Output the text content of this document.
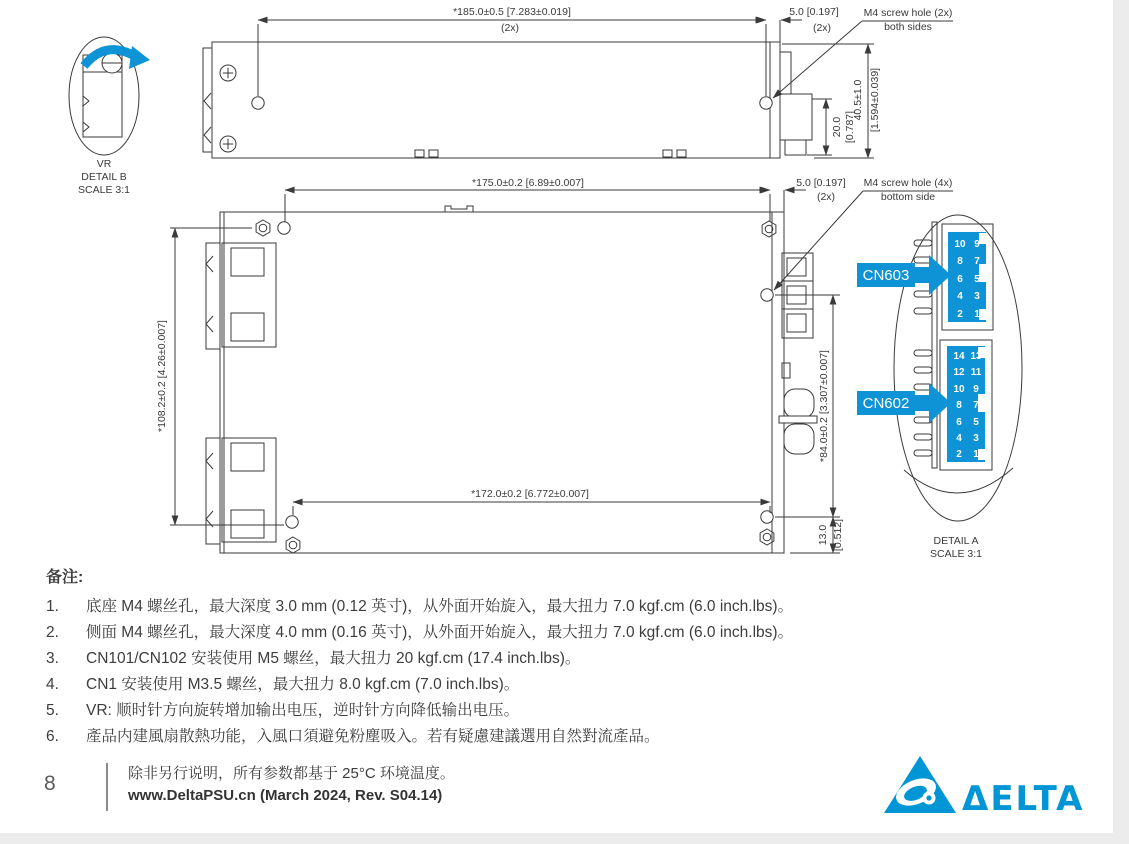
VR
DETAIL B
SCALE 3:1
*185.0±0.5 [7.283±0.019]
(2x)
5.0 [0.197]
(2x)
M4 screw hole (2x)
both sides
20.0 [0.787]
40.5±1.0 [1.594±0.039]
*175.0±0.2 [6.89±0.007]	5.0 [0.197]
(2x)
M4 screw hole (4x)
bottom side
*108.2±0.2 [4.26±0.007]
*172.0±0.2 [6.772±0.007]
*84.0±0.2 [3.307±0.007]
13.0 [0.512]
10 9
8 7
6 5
4 3
2 1
14 13
12 11
10 9
8 7
6 5
4 3
2 1
CN603
CN602
DETAIL A
SCALE 3:1
备注:
1.	底座 M4 螺丝孔，最大深度 3.0 mm (0.12 英寸)，从外面开始旋入，最大扭力 7.0 kgf.cm (6.0 inch.lbs)。
2.	侧面 M4 螺丝孔，最大深度 4.0 mm (0.16 英寸)，从外面开始旋入，最大扭力 7.0 kgf.cm (6.0 inch.lbs)。
3.	CN101/CN102 安装使用 M5 螺丝，最大扭力 20 kgf.cm (17.4 inch.lbs)。
4.	CN1 安装使用 M3.5 螺丝，最大扭力 8.0 kgf.cm (7.0 inch.lbs)。
5.	VR: 顺时针方向旋转增加输出电压，逆时针方向降低输出电压。
6.	產品内建風扇散熱功能，入風口須避免粉塵吸入。若有疑慮建議選用自然對流產品。
8	除非另行说明，所有参数都基于 25°C 环境温度。
www.DeltaPSU.cn (March 2024, Rev. S04.14)	ΔELTA
